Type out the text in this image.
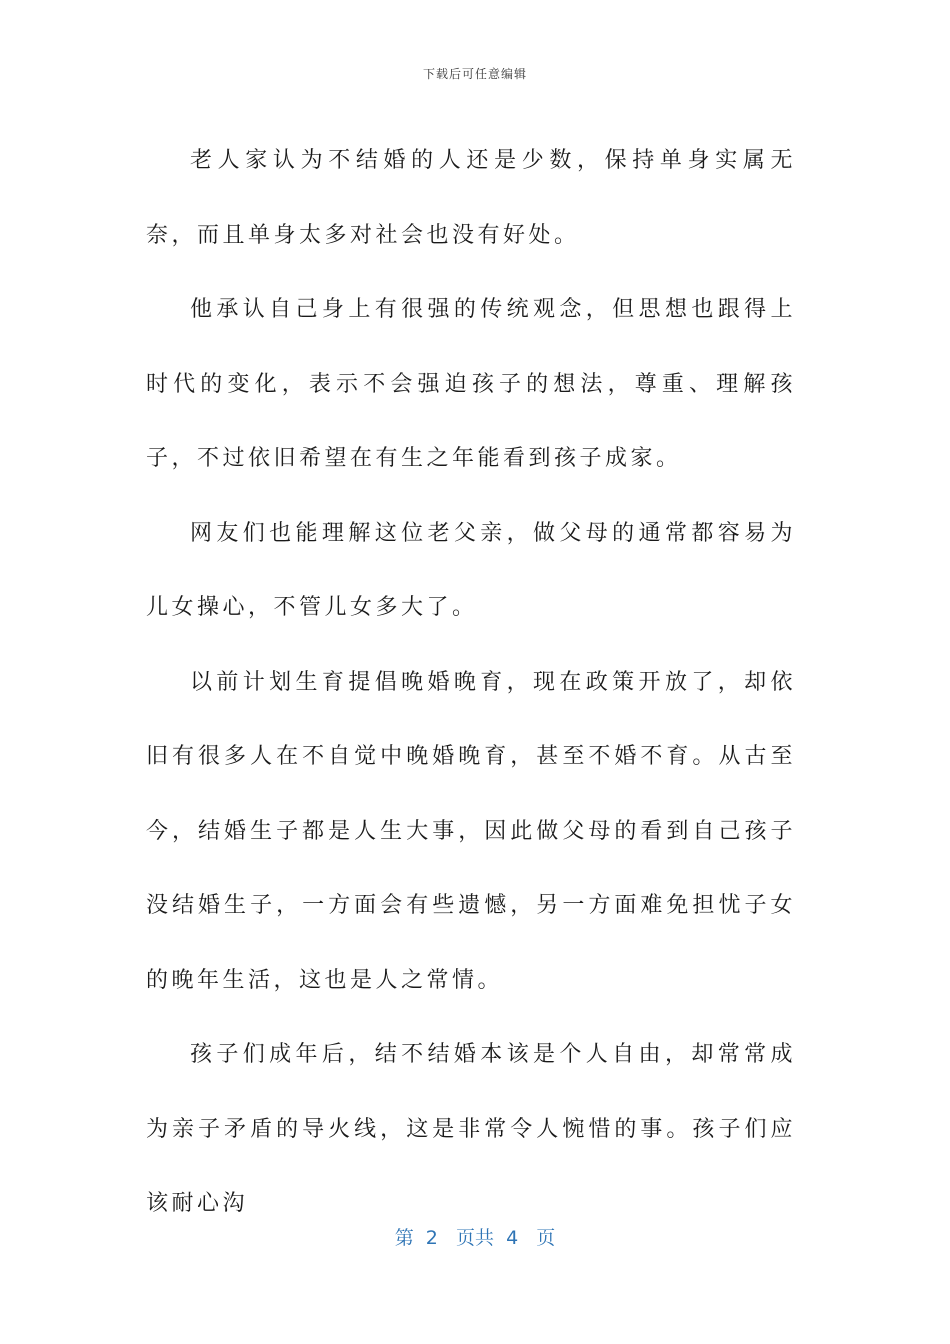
下载后可任意编辑

老人家认为不结婚的人还是少数，保持单身实属无奈，而且单身太多对社会也没有好处。

他承认自己身上有很强的传统观念，但思想也跟得上时代的变化，表示不会强迫孩子的想法，尊重、理解孩子，不过依旧希望在有生之年能看到孩子成家。

网友们也能理解这位老父亲，做父母的通常都容易为儿女操心，不管儿女多大了。

以前计划生育提倡晚婚晚育，现在政策开放了，却依旧有很多人在不自觉中晚婚晚育，甚至不婚不育。从古至今，结婚生子都是人生大事，因此做父母的看到自己孩子没结婚生子，一方面会有些遗憾，另一方面难免担忧子女的晚年生活，这也是人之常情。

孩子们成年后，结不结婚本该是个人自由，却常常成为亲子矛盾的导火线，这是非常令人惋惜的事。孩子们应该耐心沟

第  2   页共  4   页
